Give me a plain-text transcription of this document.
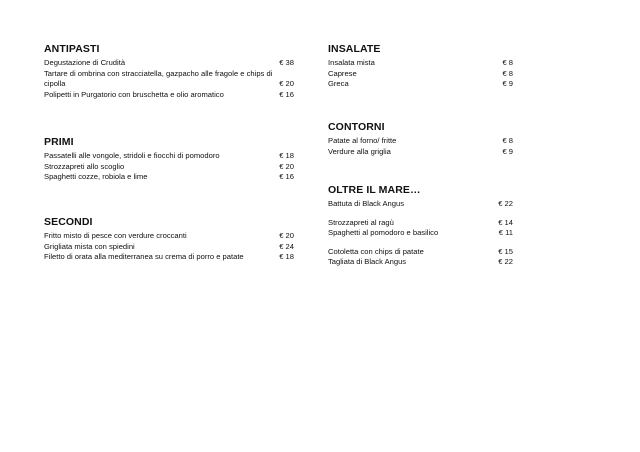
ANTIPASTI
Degustazione di Crudità	€ 38
Tartare di ombrina con stracciatella, gazpacho alle fragole e chips di cipolla	€ 20
Polipetti in Purgatorio con bruschetta e olio aromatico	€ 16
PRIMI
Passatelli alle vongole, stridoli e fiocchi di pomodoro	€ 18
Strozzapreti allo scoglio	€ 20
Spaghetti cozze, robiola e lime	€ 16
SECONDI
Fritto misto di pesce con verdure croccanti	€ 20
Grigliata mista con spiedini	€ 24
Filetto di orata alla mediterranea su crema di porro e patate	€ 18
INSALATE
Insalata mista	€ 8
Caprese	€ 8
Greca	€ 9
CONTORNI
Patate al forno/ fritte	€ 8
Verdure alla griglia	€ 9
OLTRE IL MARE…
Battuta di Black Angus	€ 22
Strozzapreti al ragù	€ 14
Spaghetti al pomodoro e basilico	€ 11
Cotoletta con chips di patate	€ 15
Tagliata di Black Angus	€ 22
